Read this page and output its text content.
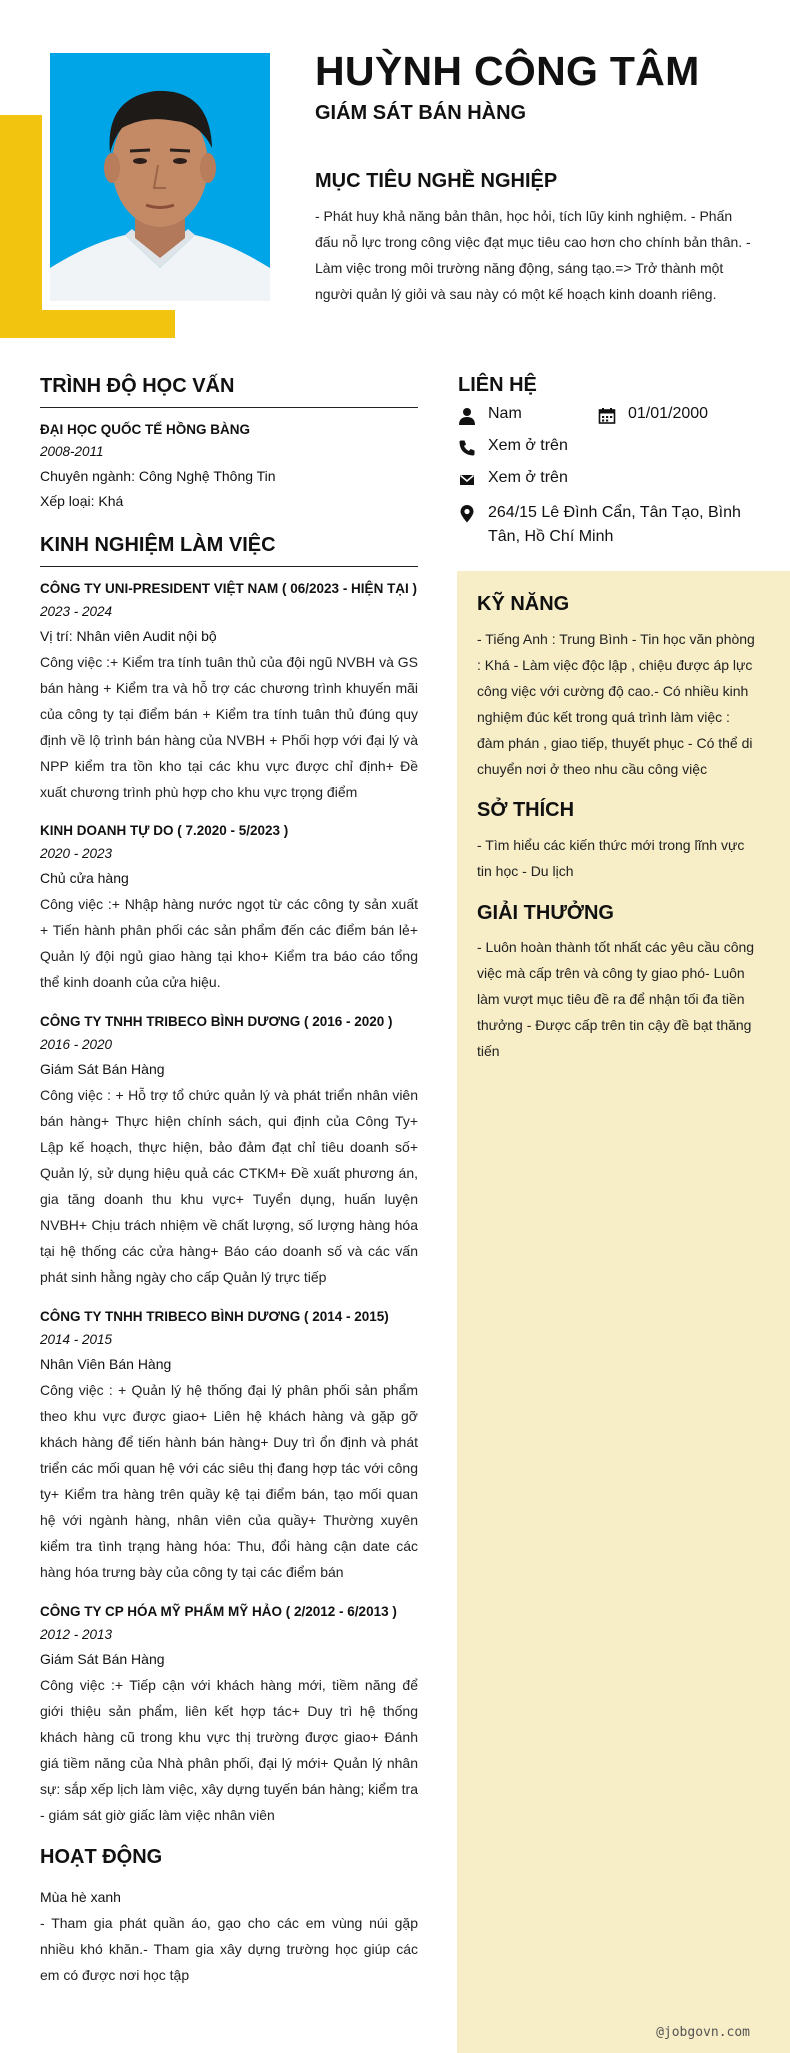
HUỲNH CÔNG TÂM
GIÁM SÁT BÁN HÀNG
MỤC TIÊU NGHỀ NGHIỆP

- Phát huy khả năng bản thân, học hỏi, tích lũy kinh nghiệm. - Phấn đấu nỗ lực trong công việc đạt mục tiêu cao hơn cho chính bản thân. - Làm việc trong môi trường năng động, sáng tạo.=> Trở thành một người quản lý giỏi và sau này có một kế hoạch kinh doanh riêng.

TRÌNH ĐỘ HỌC VẤN

ĐẠI HỌC QUỐC TẾ HỒNG BÀNG

2008-2011

Chuyên ngành: Công Nghệ Thông Tin

Xếp loại: Khá

KINH NGHIỆM LÀM VIỆC

CÔNG TY UNI-PRESIDENT VIỆT NAM ( 06/2023 - HIỆN TẠI )

2023 - 2024

Vị trí: Nhân viên Audit nội bộ

Công việc :+ Kiểm tra tính tuân thủ của đội ngũ NVBH và GS bán hàng + Kiểm tra và hỗ trợ các chương trình khuyến mãi của công ty tại điểm bán + Kiểm tra tính tuân thủ đúng quy định về lộ trình bán hàng của NVBH + Phối hợp với đại lý và NPP kiểm tra tồn kho tại các khu vực được chỉ định+ Đề xuất chương trình phù hợp cho khu vực trọng điểm

KINH DOANH TỰ DO ( 7.2020 - 5/2023 )

2020 - 2023

Chủ cửa hàng

Công việc :+ Nhập hàng nước ngọt từ các công ty sản xuất + Tiến hành phân phối các sản phẩm đến các điểm bán lẻ+ Quản lý đội ngủ giao hàng tại kho+ Kiểm tra báo cáo tổng thể kinh doanh của cửa hiệu.

CÔNG TY TNHH TRIBECO BÌNH DƯƠNG ( 2016 - 2020 )

2016 - 2020

Giám Sát Bán Hàng

Công việc : + Hỗ trợ tổ chức quản lý và phát triển nhân viên bán hàng+ Thực hiện chính sách, qui định của Công Ty+ Lập kế hoạch, thực hiện, bảo đảm đạt chỉ tiêu doanh số+ Quản lý, sử dụng hiệu quả các CTKM+ Đề xuất phương án, gia tăng doanh thu khu vực+ Tuyển dụng, huấn luyện NVBH+ Chịu trách nhiệm về chất lượng, số lượng hàng hóa tại hệ thống các cửa hàng+ Báo cáo doanh số và các vấn phát sinh hằng ngày cho cấp Quản lý trực tiếp

CÔNG TY TNHH TRIBECO BÌNH DƯƠNG ( 2014 - 2015)

2014 - 2015

Nhân Viên Bán Hàng

Công việc : + Quản lý hệ thống đại lý phân phối sản phẩm theo khu vực được giao+ Liên hệ khách hàng và gặp gỡ khách hàng để tiến hành bán hàng+ Duy trì ổn định và phát triển các mối quan hệ với các siêu thị đang hợp tác với công ty+ Kiểm tra hàng trên quầy kệ tại điểm bán, tạo mối quan hệ với ngành hàng, nhân viên của quầy+ Thường xuyên kiểm tra tình trạng hàng hóa: Thu, đổi hàng cận date các hàng hóa trưng bày của công ty tại các điểm bán

CÔNG TY CP HÓA MỸ PHẨM MỸ HẢO ( 2/2012 - 6/2013 )

2012 - 2013

Giám Sát Bán Hàng

Công việc :+ Tiếp cận với khách hàng mới, tiềm năng để giới thiệu sản phẩm, liên kết hợp tác+ Duy trì hệ thống khách hàng cũ trong khu vực thị trường được giao+ Đánh giá tiềm năng của Nhà phân phối, đại lý mới+ Quản lý nhân sự: sắp xếp lịch làm việc, xây dựng tuyến bán hàng; kiểm tra - giám sát giờ giấc làm việc nhân viên

HOẠT ĐỘNG

Mùa hè xanh

- Tham gia phát quần áo, gạo cho các em vùng núi gặp nhiều khó khăn.- Tham gia xây dựng trường học giúp các em có được nơi học tập

LIÊN HỆ
Nam	01/01/2000
Xem ở trên
Xem ở trên
264/15 Lê Đình Cẩn, Tân Tạo, Bình Tân, Hồ Chí Minh
KỸ NĂNG

- Tiếng Anh : Trung Bình - Tin học văn phòng : Khá - Làm việc độc lập , chiệu được áp lực công việc với cường độ cao.- Có nhiều kinh nghiệm đúc kết trong quá trình làm việc : đàm phán , giao tiếp, thuyết phục - Có thể di chuyển nơi ở theo nhu cầu công việc

SỞ THÍCH

- Tìm hiểu các kiến thức mới trong lĩnh vực tin học - Du lịch

GIẢI THƯỞNG

- Luôn hoàn thành tốt nhất các yêu cầu công việc mà cấp trên và công ty giao phó- Luôn làm vượt mục tiêu đề ra để nhận tối đa tiền thưởng - Được cấp trên tin cậy đề bạt thăng tiến

@jobgovn.com
